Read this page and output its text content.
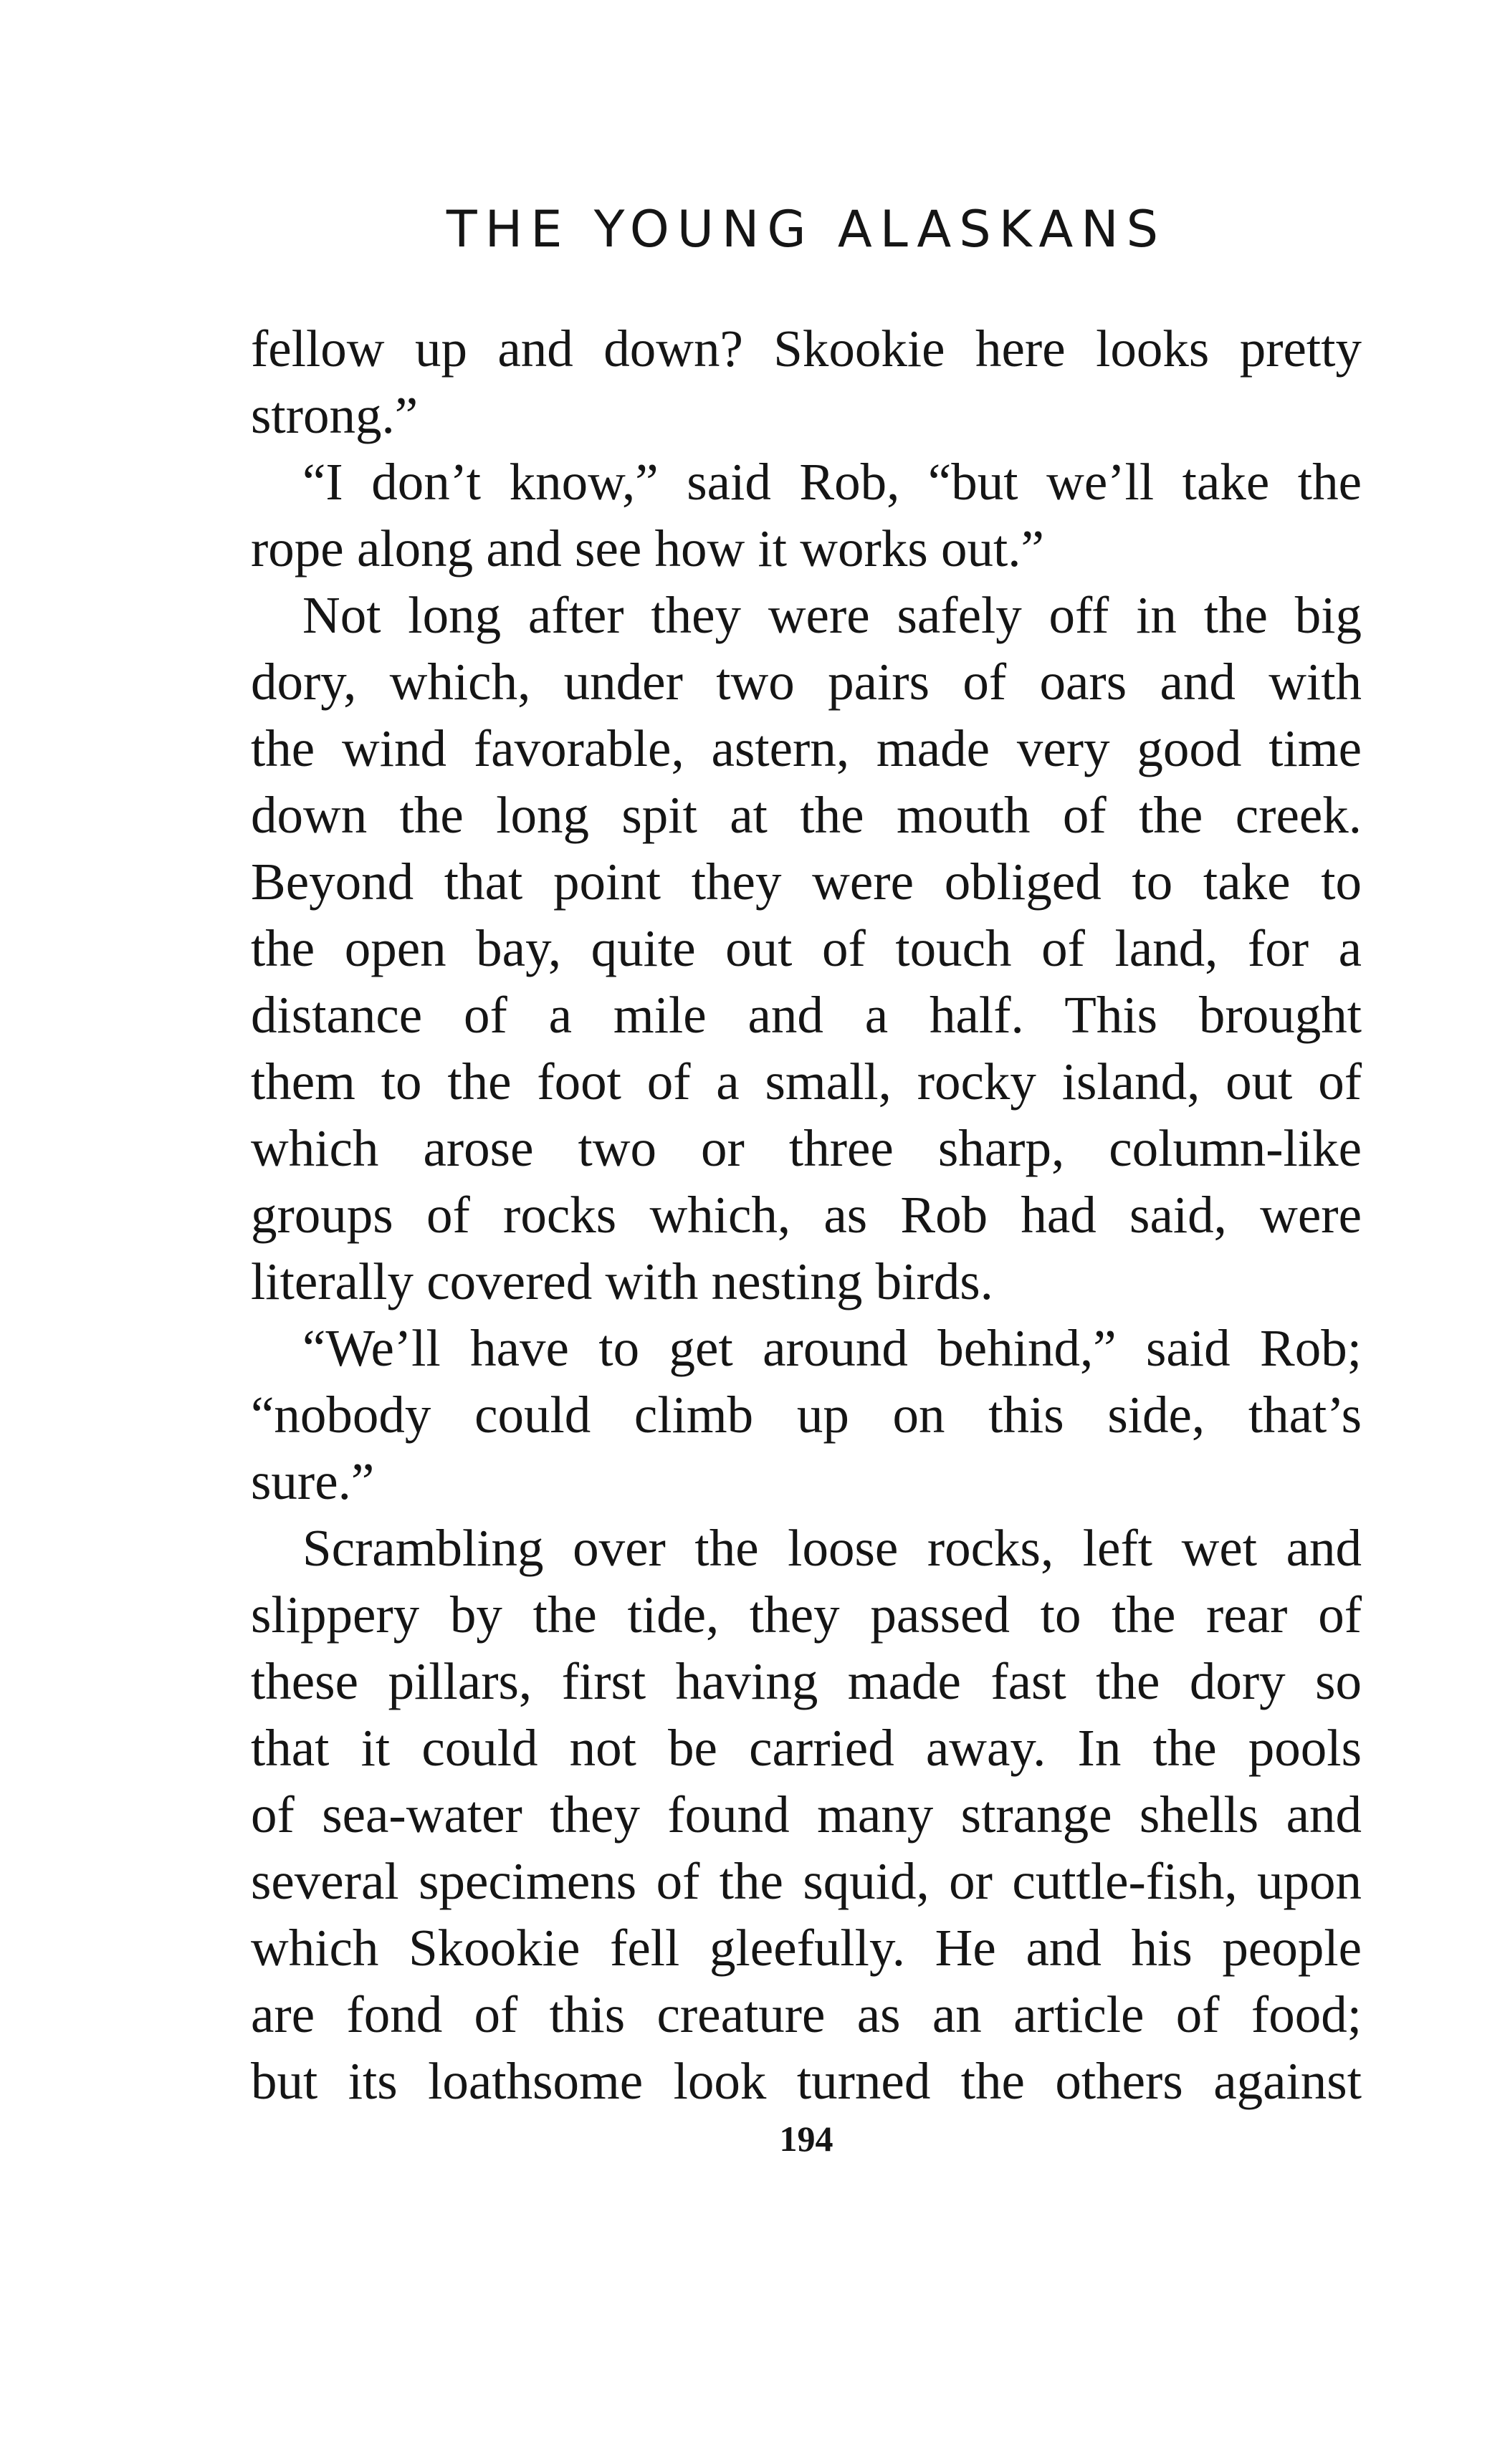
THE YOUNG ALASKANS
fellow up and down? Skookie here looks pretty
strong.”
“I don’t know,” said Rob, “but we’ll take the
rope along and see how it works out.”
Not long after they were safely off in the big
dory, which, under two pairs of oars and with
the wind favorable, astern, made very good time
down the long spit at the mouth of the creek.
Beyond that point they were obliged to take to
the open bay, quite out of touch of land, for a
distance of a mile and a half. This brought
them to the foot of a small, rocky island, out of
which arose two or three sharp, column-like
groups of rocks which, as Rob had said, were
literally covered with nesting birds.
“We’ll have to get around behind,” said Rob;
“nobody could climb up on this side, that’s
sure.”
Scrambling over the loose rocks, left wet and
slippery by the tide, they passed to the rear of
these pillars, first having made fast the dory so
that it could not be carried away. In the pools
of sea-water they found many strange shells and
several specimens of the squid, or cuttle-fish, upon
which Skookie fell gleefully. He and his people
are fond of this creature as an article of food;
but its loathsome look turned the others against
194
